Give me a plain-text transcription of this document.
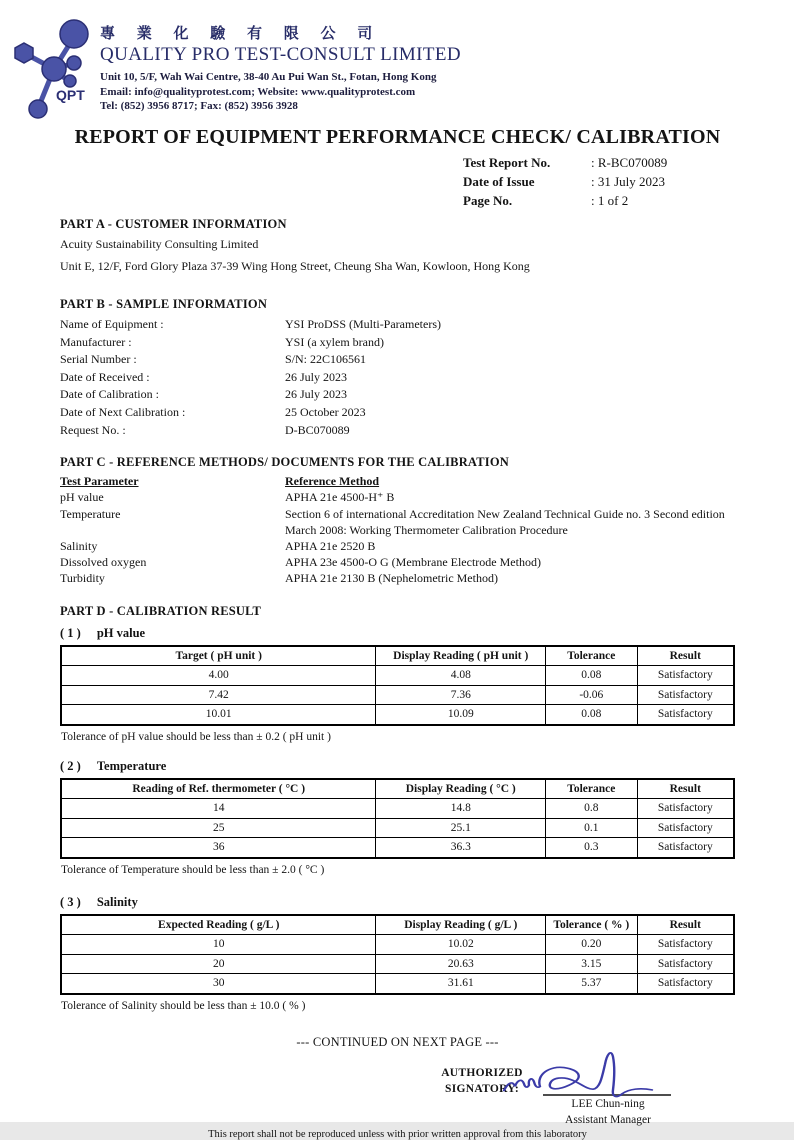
QPT
專 業 化 驗 有 限 公 司
QUALITY PRO TEST-CONSULT LIMITED
Unit 10, 5/F, Wah Wai Centre, 38-40 Au Pui Wan St., Fotan, Hong Kong
Email: info@qualityprotest.com; Website: www.qualityprotest.com
Tel: (852) 3956 8717; Fax: (852) 3956 3928
REPORT OF EQUIPMENT PERFORMANCE CHECK/ CALIBRATION
Test Report No.	: R-BC070089
Date of Issue	: 31 July 2023
Page No.	: 1 of 2
PART A - CUSTOMER INFORMATION
Acuity Sustainability Consulting Limited
Unit E, 12/F, Ford Glory Plaza 37-39 Wing Hong Street, Cheung Sha Wan, Kowloon, Hong Kong
PART B - SAMPLE INFORMATION
Name of Equipment :	YSI ProDSS (Multi-Parameters)
Manufacturer :	YSI (a xylem brand)
Serial Number :	S/N: 22C106561
Date of Received :	26 July 2023
Date of Calibration :	26 July 2023
Date of Next Calibration :	25 October 2023
Request No. :	D-BC070089
PART C - REFERENCE METHODS/ DOCUMENTS FOR THE CALIBRATION
Test Parameter	Reference Method
pH value	APHA 21e 4500-H⁺ B
Temperature	Section 6 of international Accreditation New Zealand Technical Guide no. 3 Second edition March 2008: Working Thermometer Calibration Procedure
Salinity	APHA 21e 2520 B
Dissolved oxygen	APHA 23e 4500-O G (Membrane Electrode Method)
Turbidity	APHA 21e 2130 B (Nephelometric Method)
PART D - CALIBRATION RESULT
( 1 ) pH value
Target ( pH unit )	Display Reading ( pH unit )	Tolerance	Result
4.00	4.08	0.08	Satisfactory
7.42	7.36	-0.06	Satisfactory
10.01	10.09	0.08	Satisfactory
Tolerance of pH value should be less than ± 0.2 ( pH unit )
( 2 ) Temperature
Reading of Ref. thermometer ( °C )	Display Reading ( °C )	Tolerance	Result
14	14.8	0.8	Satisfactory
25	25.1	0.1	Satisfactory
36	36.3	0.3	Satisfactory
Tolerance of Temperature should be less than ± 2.0 ( °C )
( 3 ) Salinity
Expected Reading ( g/L )	Display Reading ( g/L )	Tolerance ( % )	Result
10	10.02	0.20	Satisfactory
20	20.63	3.15	Satisfactory
30	31.61	5.37	Satisfactory
Tolerance of Salinity should be less than ± 10.0 ( % )
--- CONTINUED ON NEXT PAGE ---
AUTHORIZED
SIGNATORY:
LEE Chun-ning
Assistant Manager
This report shall not be reproduced unless with prior written approval from this laboratory
